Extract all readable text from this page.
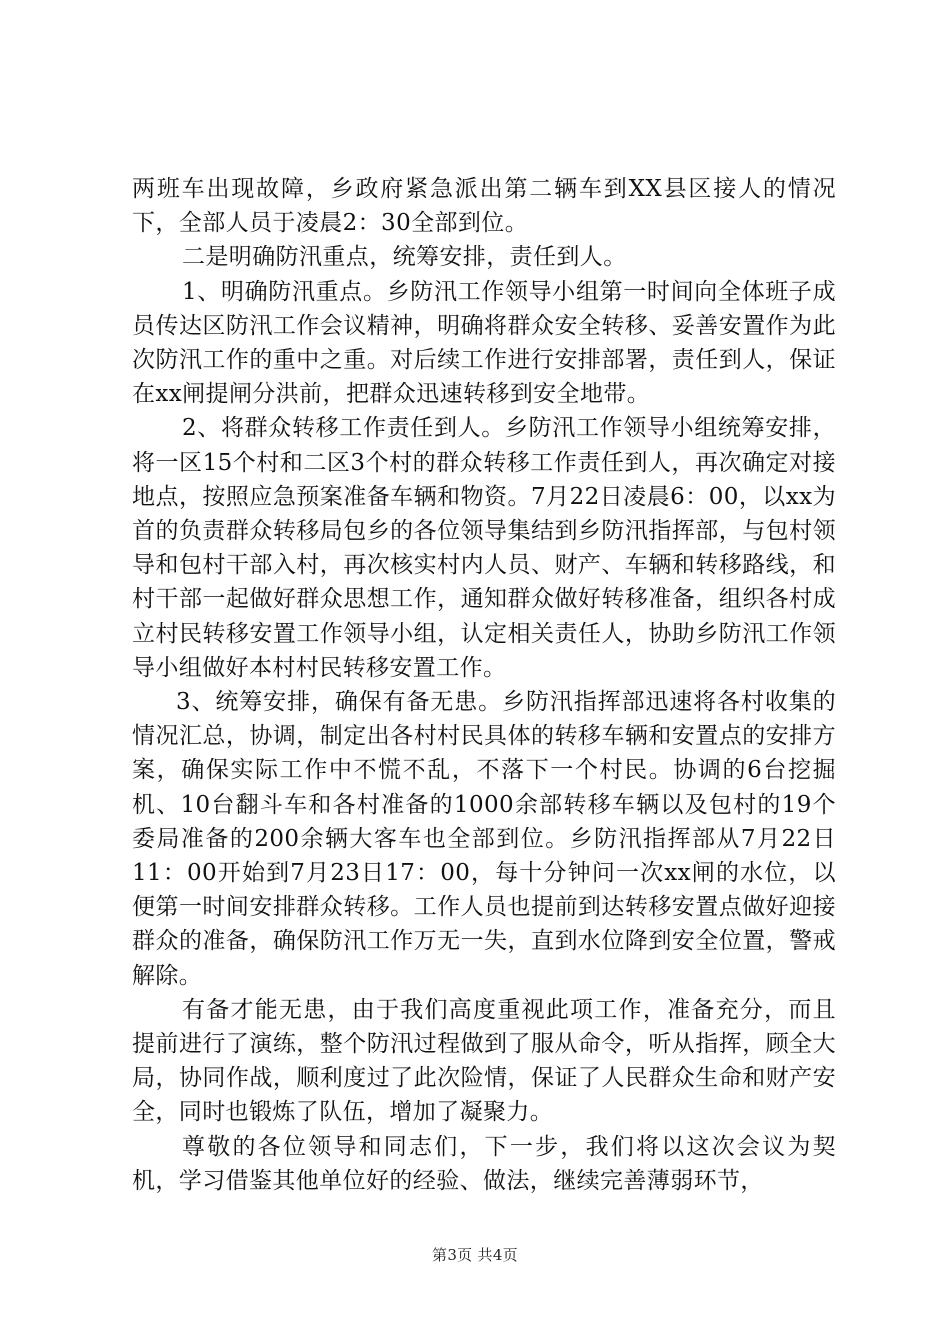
两班车出现故障，乡政府紧急派出第二辆车到XX县区接人的情况下，全部人员于凌晨2：30全部到位。

二是明确防汛重点，统筹安排，责任到人。

1、明确防汛重点。乡防汛工作领导小组第一时间向全体班子成员传达区防汛工作会议精神，明确将群众安全转移、妥善安置作为此次防汛工作的重中之重。对后续工作进行安排部署，责任到人，保证在xx闸提闸分洪前，把群众迅速转移到安全地带。

2、将群众转移工作责任到人。乡防汛工作领导小组统筹安排，将一区15个村和二区3个村的群众转移工作责任到人，再次确定对接地点，按照应急预案准备车辆和物资。7月22日凌晨6：00，以xx为首的负责群众转移局包乡的各位领导集结到乡防汛指挥部，与包村领导和包村干部入村，再次核实村内人员、财产、车辆和转移路线，和村干部一起做好群众思想工作，通知群众做好转移准备，组织各村成立村民转移安置工作领导小组，认定相关责任人，协助乡防汛工作领导小组做好本村村民转移安置工作。

3、统筹安排，确保有备无患。乡防汛指挥部迅速将各村收集的情况汇总，协调，制定出各村村民具体的转移车辆和安置点的安排方案，确保实际工作中不慌不乱，不落下一个村民。协调的6台挖掘机、10台翻斗车和各村准备的1000余部转移车辆以及包村的19个委局准备的200余辆大客车也全部到位。乡防汛指挥部从7月22日11：00开始到7月23日17：00，每十分钟问一次xx闸的水位，以便第一时间安排群众转移。工作人员也提前到达转移安置点做好迎接群众的准备，确保防汛工作万无一失，直到水位降到安全位置，警戒解除。

有备才能无患，由于我们高度重视此项工作，准备充分，而且提前进行了演练，整个防汛过程做到了服从命令，听从指挥，顾全大局，协同作战，顺利度过了此次险情，保证了人民群众生命和财产安全，同时也锻炼了队伍，增加了凝聚力。

尊敬的各位领导和同志们，下一步，我们将以这次会议为契机，学习借鉴其他单位好的经验、做法，继续完善薄弱环节，

第3页 共4页
